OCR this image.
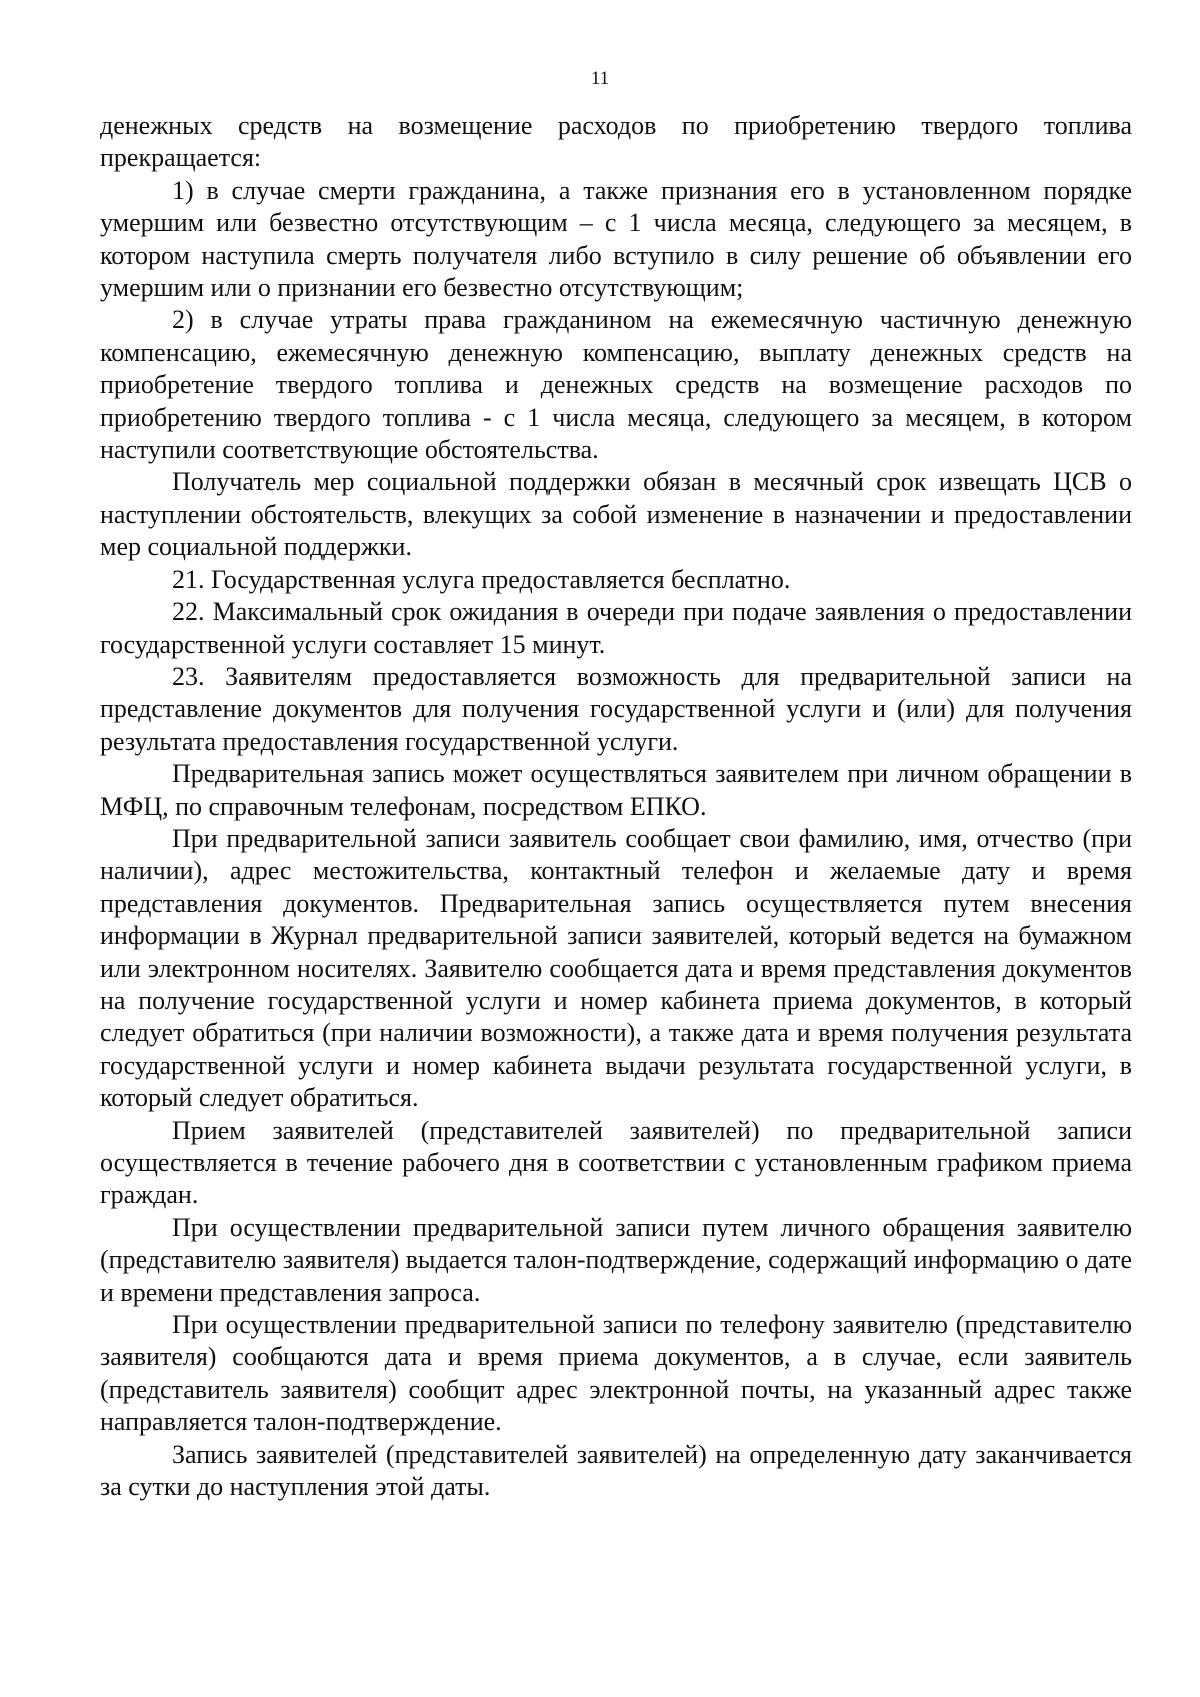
11

денежных средств на возмещение расходов по приобретению твердого топлива прекращается:

1) в случае смерти гражданина, а также признания его в установленном порядке умершим или безвестно отсутствующим – с 1 числа месяца, следующего за месяцем, в котором наступила смерть получателя либо вступило в силу решение об объявлении его умершим или о признании его безвестно отсутствующим;

2) в случае утраты права гражданином на ежемесячную частичную денежную компенсацию, ежемесячную денежную компенсацию, выплату денежных средств на приобретение твердого топлива и денежных средств на возмещение расходов по приобретению твердого топлива - с 1 числа месяца, следующего за месяцем, в котором наступили соответствующие обстоятельства.

Получатель мер социальной поддержки обязан в месячный срок извещать ЦСВ о наступлении обстоятельств, влекущих за собой изменение в назначении и предоставлении мер социальной поддержки.

21. Государственная услуга предоставляется бесплатно.

22. Максимальный срок ожидания в очереди при подаче заявления о предоставлении государственной услуги составляет 15 минут.

23. Заявителям предоставляется возможность для предварительной записи на представление документов для получения государственной услуги и (или) для получения результата предоставления государственной услуги.

Предварительная запись может осуществляться заявителем при личном обращении в МФЦ, по справочным телефонам, посредством ЕПКО.

При предварительной записи заявитель сообщает свои фамилию, имя, отчество (при наличии), адрес местожительства, контактный телефон и желаемые дату и время представления документов. Предварительная запись осуществляется путем внесения информации в Журнал предварительной записи заявителей, который ведется на бумажном или электронном носителях. Заявителю сообщается дата и время представления документов на получение государственной услуги и номер кабинета приема документов, в который следует обратиться (при наличии возможности), а также дата и время получения результата государственной услуги и номер кабинета выдачи результата государственной услуги, в который следует обратиться.

Прием заявителей (представителей заявителей) по предварительной записи осуществляется в течение рабочего дня в соответствии с установленным графиком приема граждан.

При осуществлении предварительной записи путем личного обращения заявителю (представителю заявителя) выдается талон-подтверждение, содержащий информацию о дате и времени представления запроса.

При осуществлении предварительной записи по телефону заявителю (представителю заявителя) сообщаются дата и время приема документов, а в случае, если заявитель (представитель заявителя) сообщит адрес электронной почты, на указанный адрес также направляется талон-подтверждение.

Запись заявителей (представителей заявителей) на определенную дату заканчивается за сутки до наступления этой даты.
